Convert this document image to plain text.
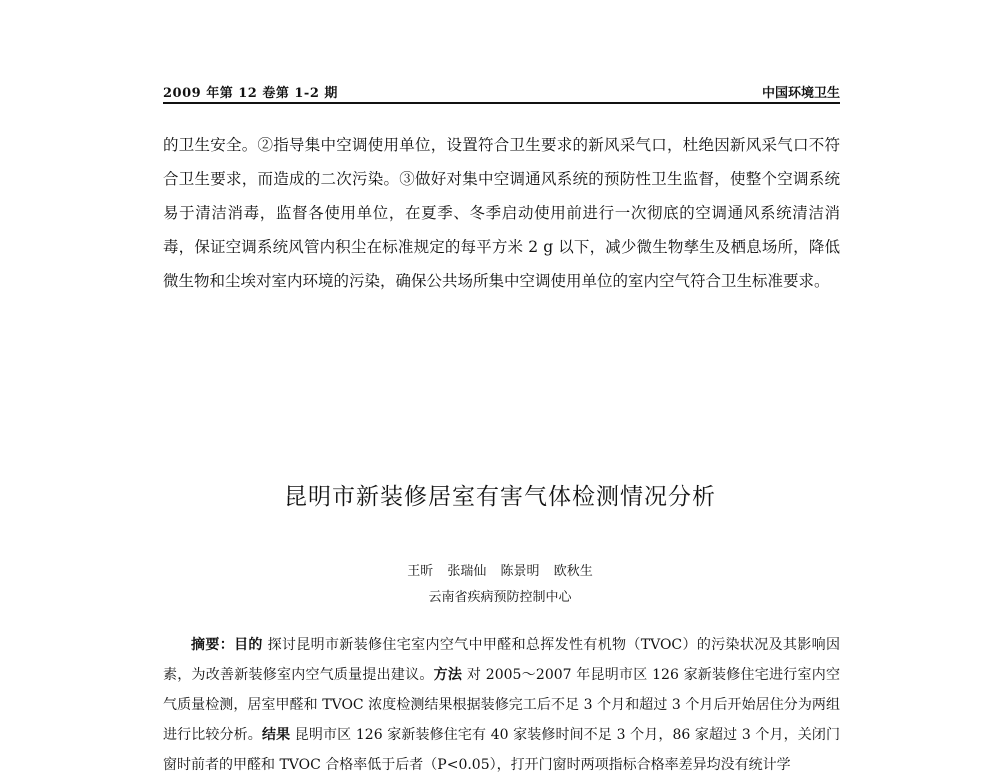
2009 年第 12 卷第 1-2 期	中国环境卫生

的卫生安全。②指导集中空调使用单位，设置符合卫生要求的新风采气口，杜绝因新风采气口不符合卫生要求，而造成的二次污染。③做好对集中空调通风系统的预防性卫生监督，使整个空调系统易于清洁消毒，监督各使用单位，在夏季、冬季启动使用前进行一次彻底的空调通风系统清洁消毒，保证空调系统风管内积尘在标准规定的每平方米 2 g 以下，减少微生物孳生及栖息场所，降低微生物和尘埃对室内环境的污染，确保公共场所集中空调使用单位的室内空气符合卫生标准要求。

昆明市新装修居室有害气体检测情况分析
王昕 张瑞仙 陈景明 欧秋生
云南省疾病预防控制中心

摘要：目的 探讨昆明市新装修住宅室内空气中甲醛和总挥发性有机物（TVOC）的污染状况及其影响因素，为改善新装修室内空气质量提出建议。方法 对 2005～2007 年昆明市区 126 家新装修住宅进行室内空气质量检测，居室甲醛和 TVOC 浓度检测结果根据装修完工后不足 3 个月和超过 3 个月后开始居住分为两组进行比较分析。结果 昆明市区 126 家新装修住宅有 40 家装修时间不足 3 个月，86 家超过 3 个月，关闭门窗时前者的甲醛和 TVOC 合格率低于后者（P<0.05），打开门窗时两项指标合格率差异均没有统计学
